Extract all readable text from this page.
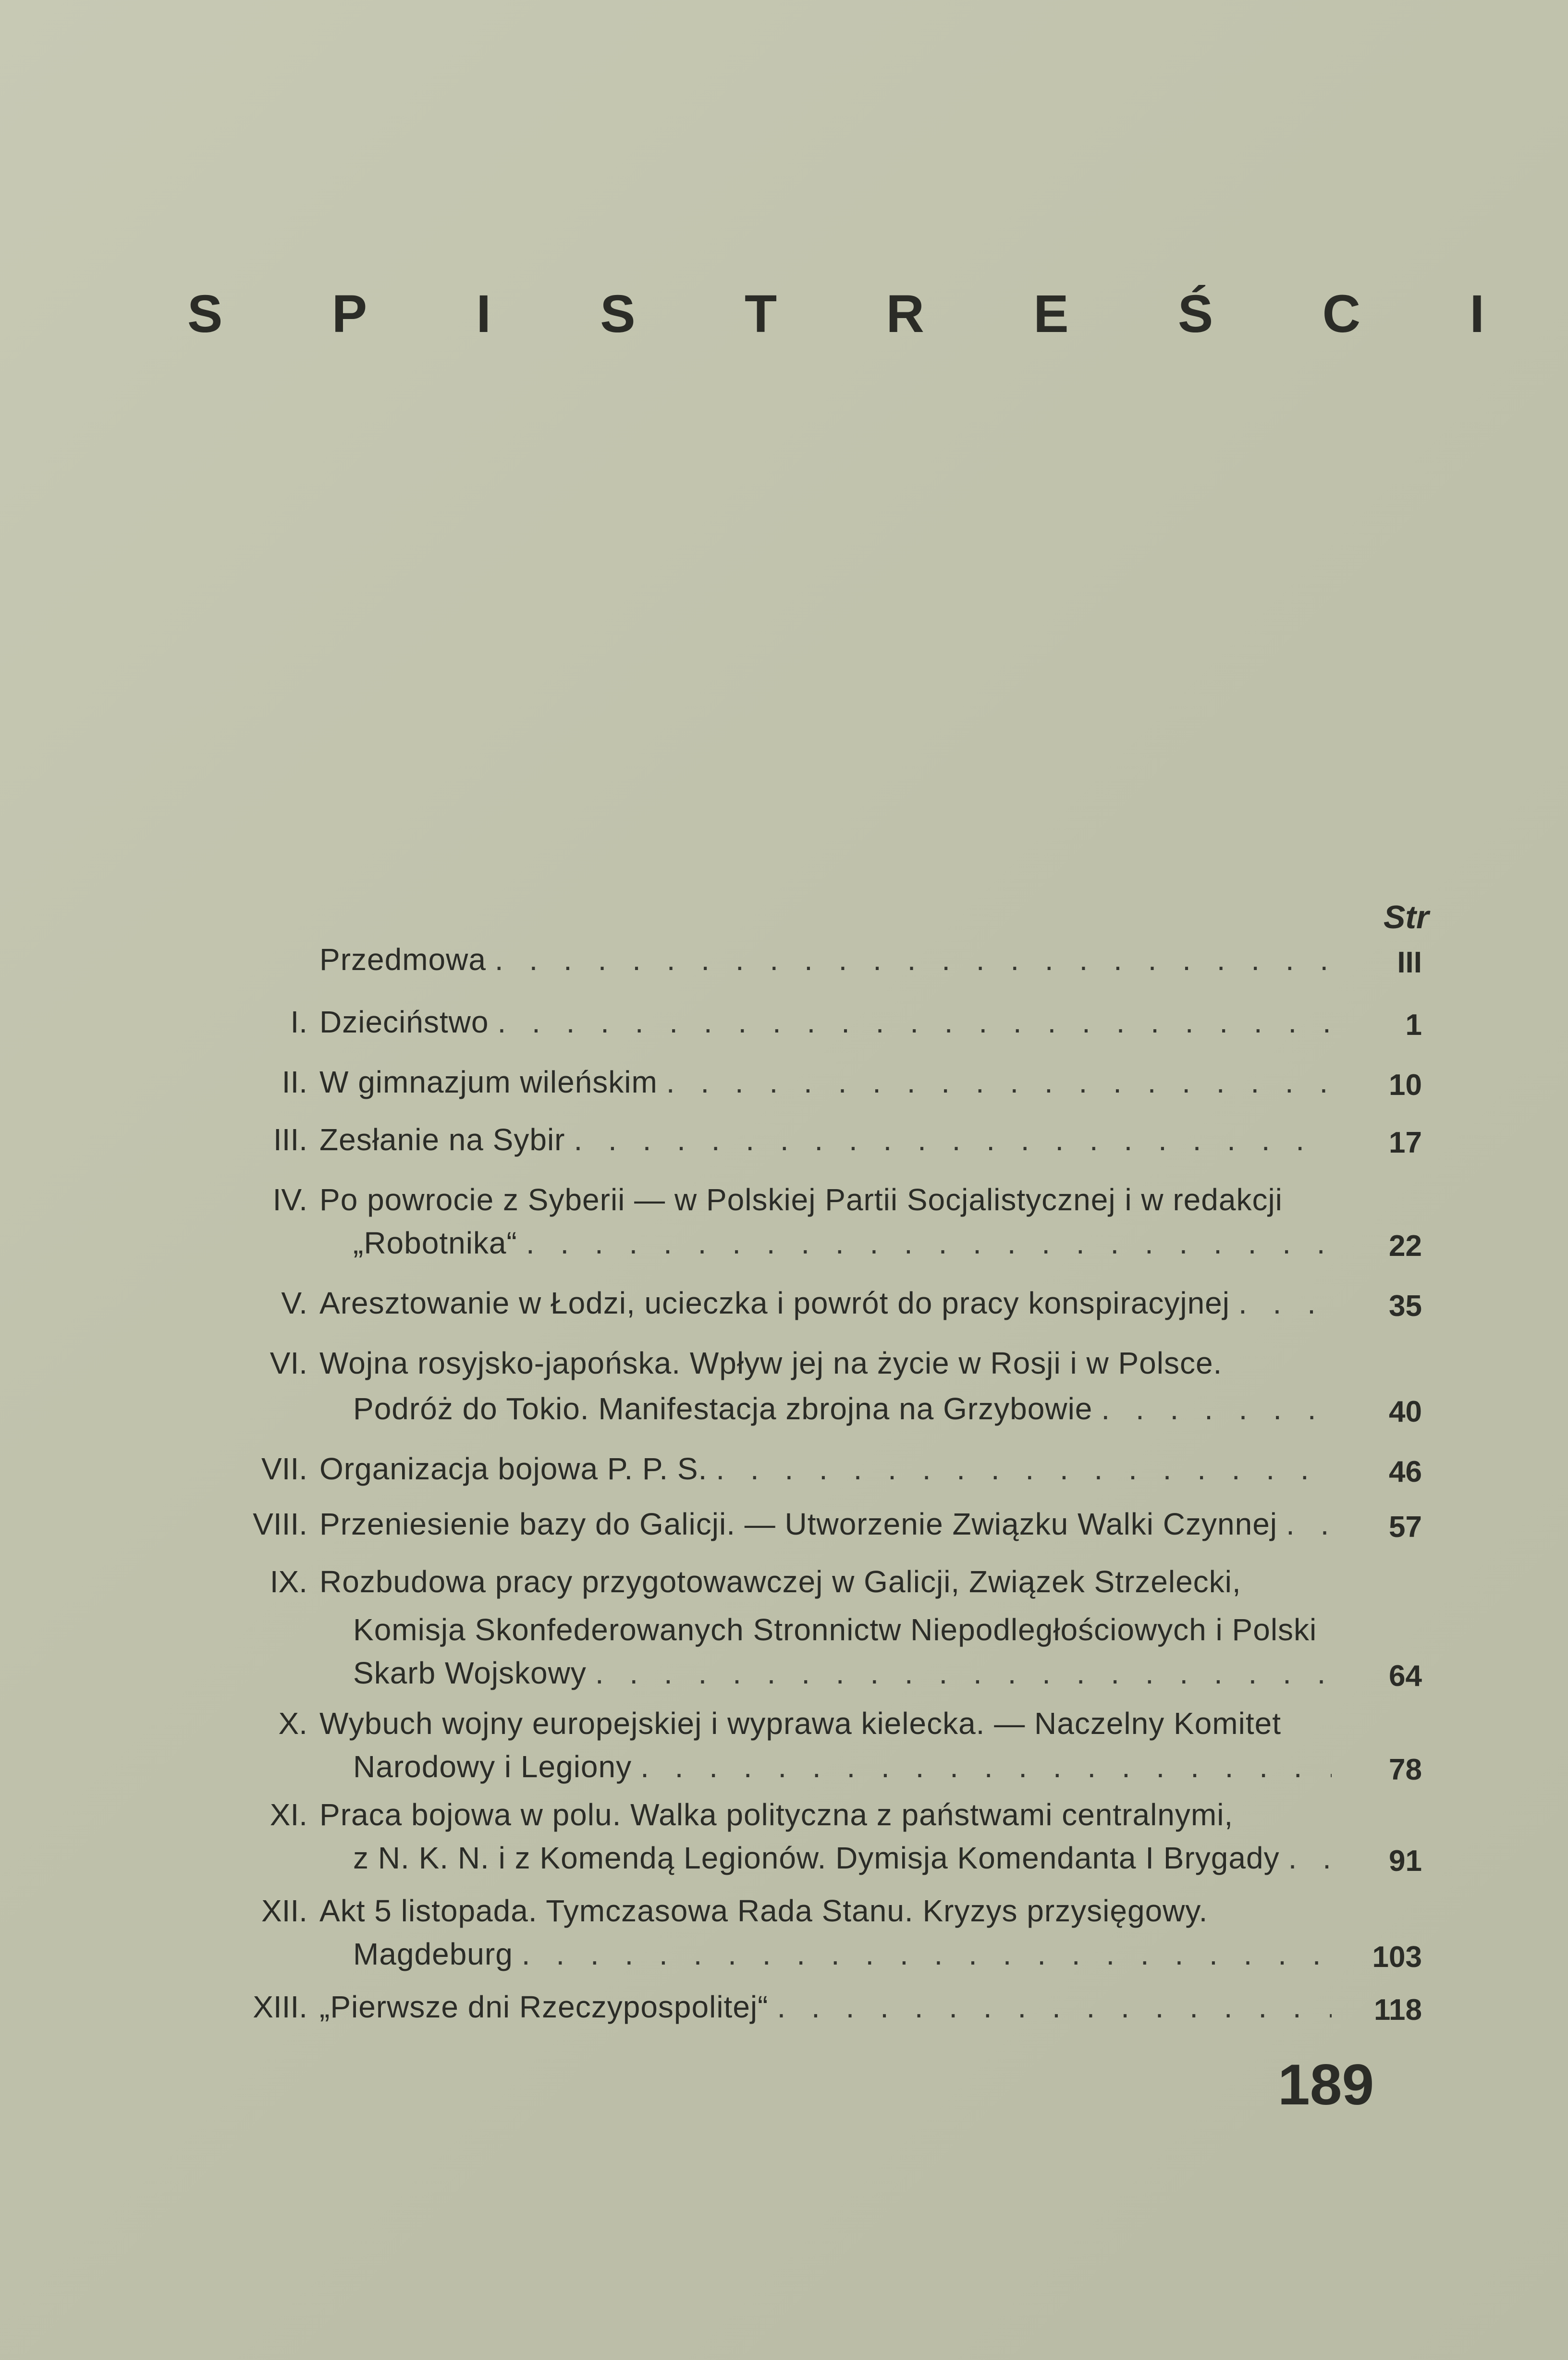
S P I S T R E Ś C I
Str
Przedmowa . . .	III
I. Dzieciństwo . . .	1
II. W gimnazjum wileńskim . . .	10
III. Zesłanie na Sybir . . .	17
IV. Po powrocie z Syberii — w Polskiej Partii Socjalistycznej i w redakcji
„Robotnika“ . . .	22
V. Aresztowanie w Łodzi, ucieczka i powrót do pracy konspiracyjnej . . .	35
VI. Wojna rosyjsko-japońska. Wpływ jej na życie w Rosji i w Polsce.
Podróż do Tokio. Manifestacja zbrojna na Grzybowie . . .	40
VII. Organizacja bojowa P. P. S. . . .	46
VIII. Przeniesienie bazy do Galicji. — Utworzenie Związku Walki Czynnej . . .	57
IX. Rozbudowa pracy przygotowawczej w Galicji, Związek Strzelecki,
Komisja Skonfederowanych Stronnictw Niepodległościowych i Polski
Skarb Wojskowy . . .	64
X. Wybuch wojny europejskiej i wyprawa kielecka. — Naczelny Komitet
Narodowy i Legiony . . .	78
XI. Praca bojowa w polu. Walka polityczna z państwami centralnymi,
z N. K. N. i z Komendą Legionów. Dymisja Komendanta I Brygady . . .	91
XII. Akt 5 listopada. Tymczasowa Rada Stanu. Kryzys przysięgowy.
Magdeburg . . .	103
XIII. „Pierwsze dni Rzeczypospolitej“ . . .	118
189
